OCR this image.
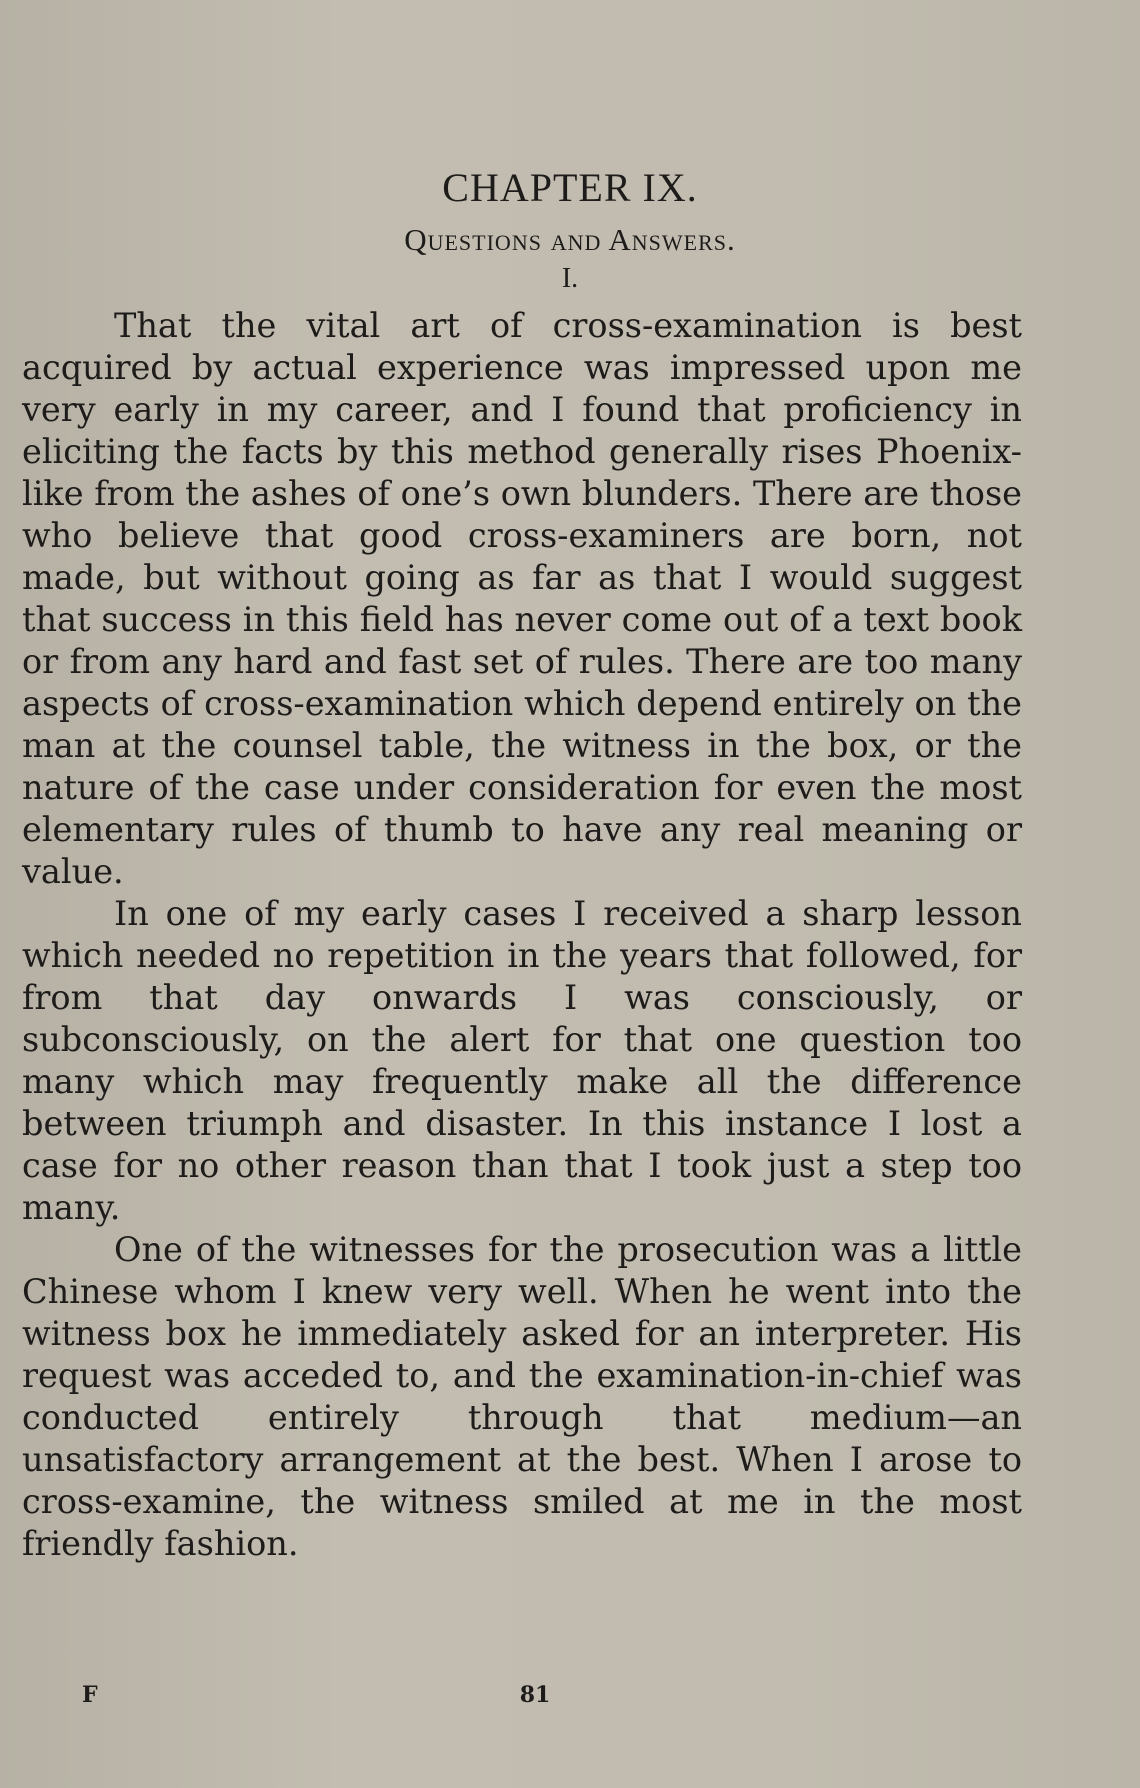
CHAPTER IX.
Questions and Answers.
I.

That the vital art of cross-examination is best acquired by actual experience was impressed upon me very early in my career, and I found that proficiency in eliciting the facts by this method generally rises Phoenix-like from the ashes of one’s own blunders. There are those who believe that good cross-examiners are born, not made, but without going as far as that I would suggest that success in this field has never come out of a text book or from any hard and fast set of rules. There are too many aspects of cross-examination which depend entirely on the man at the counsel table, the witness in the box, or the nature of the case under consideration for even the most elementary rules of thumb to have any real meaning or value.

In one of my early cases I received a sharp lesson which needed no repetition in the years that followed, for from that day onwards I was consciously, or subconsciously, on the alert for that one question too many which may frequently make all the difference between triumph and disaster. In this instance I lost a case for no other reason than that I took just a step too many.

One of the witnesses for the prosecution was a little Chinese whom I knew very well. When he went into the witness box he immediately asked for an interpreter. His request was acceded to, and the examination-in-chief was conducted entirely through that medium—an unsatisfactory arrangement at the best. When I arose to cross-examine, the witness smiled at me in the most friendly fashion.

F	81
